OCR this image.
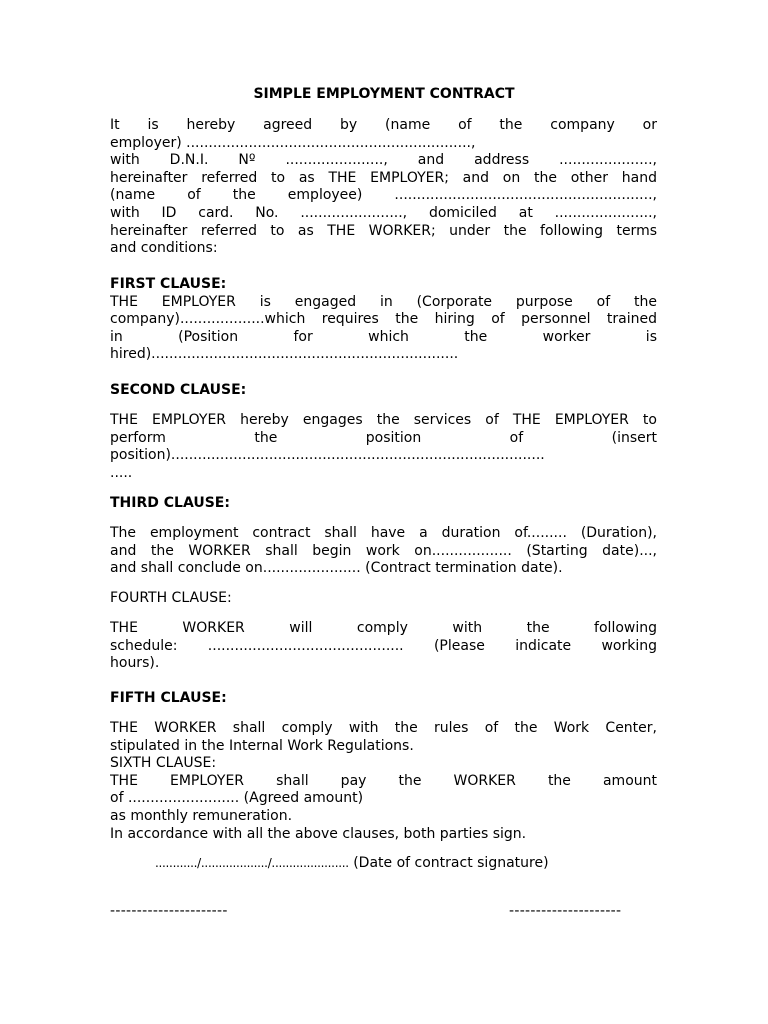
SIMPLE EMPLOYMENT CONTRACT
It is hereby agreed by (name of the company or
employer) ................................................................,
with D.N.I. Nº ......................, and address .....................,
hereinafter referred to as THE EMPLOYER; and on the other hand
(name of the employee) ..........................................................,
with ID card. No. ......................., domiciled at ......................,
hereinafter referred to as THE WORKER; under the following terms
and conditions:
FIRST CLAUSE:
THE EMPLOYER is engaged in (Corporate purpose of the
company)...................which requires the hiring of personnel trained
in (Position for which the worker is
hired).....................................................................
SECOND CLAUSE:
THE EMPLOYER hereby engages the services of THE EMPLOYER to
perform the position of (insert
position)....................................................................................
.....
THIRD CLAUSE:
The employment contract shall have a duration of......... (Duration),
and the WORKER shall begin work on.................. (Starting date)...,
and shall conclude on...................... (Contract termination date).
FOURTH CLAUSE:
THE WORKER will comply with the following
schedule: ............................................ (Please indicate working
hours).
FIFTH CLAUSE:
THE WORKER shall comply with the rules of the Work Center,
stipulated in the Internal Work Regulations.
SIXTH CLAUSE:
THE EMPLOYER shall pay the WORKER the amount
of ......................... (Agreed amount)
as monthly remuneration.
In accordance with all the above clauses, both parties sign.
............/.................../...................... (Date of contract signature)
----------------------	---------------------
